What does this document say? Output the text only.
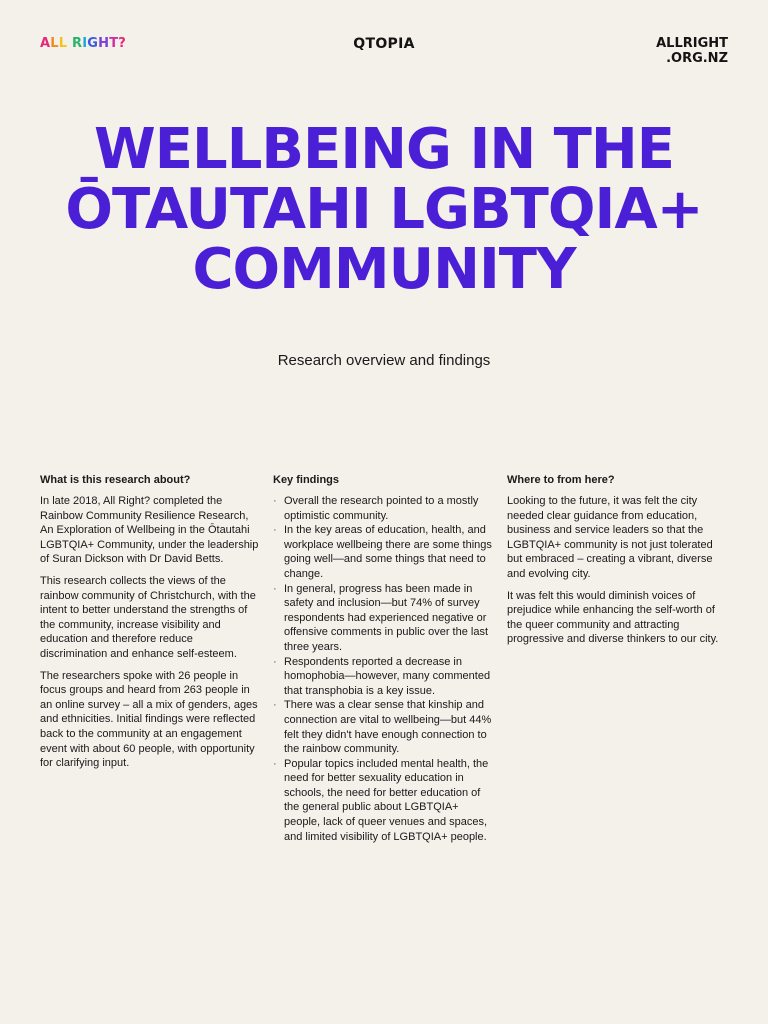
ALL RIGHT?	QTOPIA	ALLRIGHT
.ORG.NZ
WELLBEING IN THE
ŌTAUTAHI LGBTQIA+
COMMUNITY
Research overview and findings
What is this research about?

In late 2018, All Right? completed the Rainbow Community Resilience Research, An Exploration of Wellbeing in the Ōtautahi LGBTQIA+ Community, under the leadership of Suran Dickson with Dr David Betts.

This research collects the views of the rainbow community of Christchurch, with the intent to better understand the strengths of the community, increase visibility and education and therefore reduce discrimination and enhance self-esteem.

The researchers spoke with 26 people in focus groups and heard from 263 people in an online survey – all a mix of genders, ages and ethnicities. Initial findings were reflected back to the community at an engagement event with about 60 people, with opportunity for clarifying input.

Key findings
· Overall the research pointed to a mostly optimistic community.
· In the key areas of education, health, and workplace wellbeing there are some things going well—and some things that need to change.
· In general, progress has been made in safety and inclusion—but 74% of survey respondents had experienced negative or offensive comments in public over the last three years.
· Respondents reported a decrease in homophobia—however, many commented that transphobia is a key issue.
· There was a clear sense that kinship and connection are vital to wellbeing—but 44% felt they didn't have enough connection to the rainbow community.
· Popular topics included mental health, the need for better sexuality education in schools, the need for better education of the general public about LGBTQIA+ people, lack of queer venues and spaces, and limited visibility of LGBTQIA+ people.
Where to from here?

Looking to the future, it was felt the city needed clear guidance from education, business and service leaders so that the LGBTQIA+ community is not just tolerated but embraced – creating a vibrant, diverse and evolving city.

It was felt this would diminish voices of prejudice while enhancing the self-worth of the queer community and attracting progressive and diverse thinkers to our city.
